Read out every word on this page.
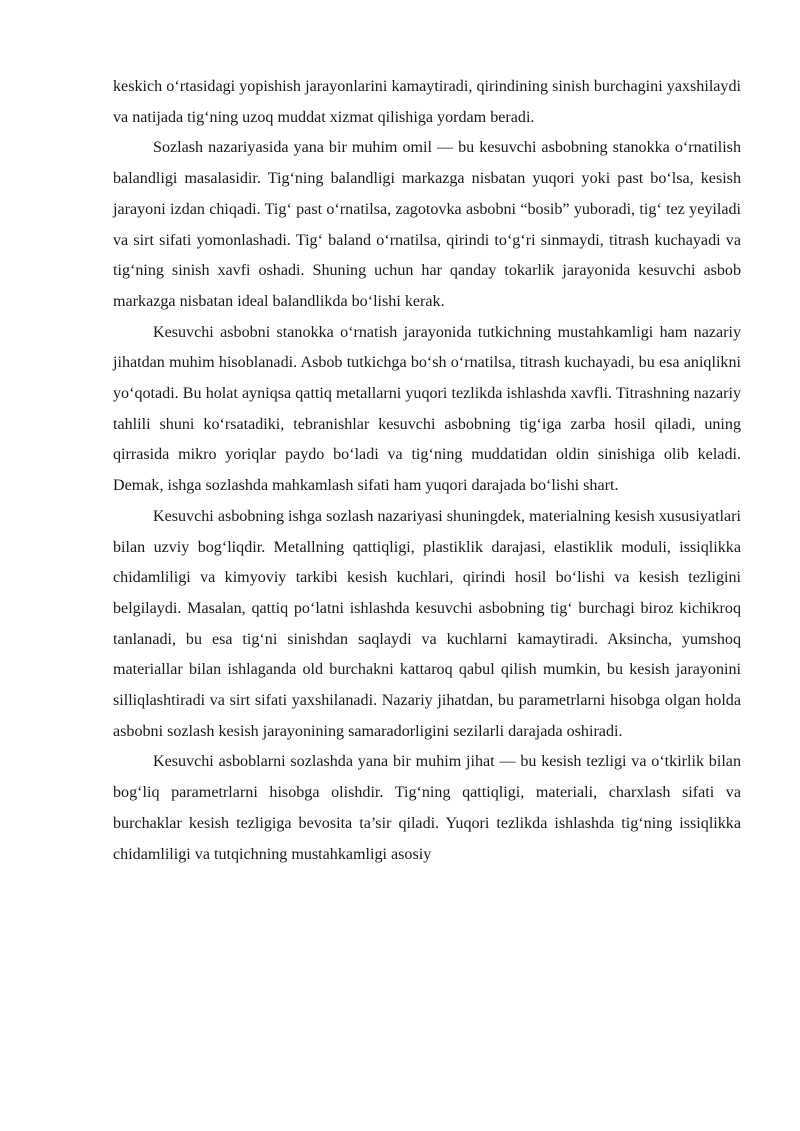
keskich o‘rtasidagi yopishish jarayonlarini kamaytiradi, qirindining sinish burchagini yaxshilaydi va natijada tig‘ning uzoq muddat xizmat qilishiga yordam beradi.

Sozlash nazariyasida yana bir muhim omil — bu kesuvchi asbobning stanokka o‘rnatilish balandligi masalasidir. Tig‘ning balandligi markazga nisbatan yuqori yoki past bo‘lsa, kesish jarayoni izdan chiqadi. Tig‘ past o‘rnatilsa, zagotovka asbobni “bosib” yuboradi, tig‘ tez yeyiladi va sirt sifati yomonlashadi. Tig‘ baland o‘rnatilsa, qirindi to‘g‘ri sinmaydi, titrash kuchayadi va tig‘ning sinish xavfi oshadi. Shuning uchun har qanday tokarlik jarayonida kesuvchi asbob markazga nisbatan ideal balandlikda bo‘lishi kerak.

Kesuvchi asbobni stanokka o‘rnatish jarayonida tutkichning mustahkamligi ham nazariy jihatdan muhim hisoblanadi. Asbob tutkichga bo‘sh o‘rnatilsa, titrash kuchayadi, bu esa aniqlikni yo‘qotadi. Bu holat ayniqsa qattiq metallarni yuqori tezlikda ishlashda xavfli. Titrashning nazariy tahlili shuni ko‘rsatadiki, tebranishlar kesuvchi asbobning tig‘iga zarba hosil qiladi, uning qirrasida mikro yoriqlar paydo bo‘ladi va tig‘ning muddatidan oldin sinishiga olib keladi. Demak, ishga sozlashda mahkamlash sifati ham yuqori darajada bo‘lishi shart.

Kesuvchi asbobning ishga sozlash nazariyasi shuningdek, materialning kesish xususiyatlari bilan uzviy bog‘liqdir. Metallning qattiqligi, plastiklik darajasi, elastiklik moduli, issiqlikka chidamliligi va kimyoviy tarkibi kesish kuchlari, qirindi hosil bo‘lishi va kesish tezligini belgilaydi. Masalan, qattiq po‘latni ishlashda kesuvchi asbobning tig‘ burchagi biroz kichikroq tanlanadi, bu esa tig‘ni sinishdan saqlaydi va kuchlarni kamaytiradi. Aksincha, yumshoq materiallar bilan ishlaganda old burchakni kattaroq qabul qilish mumkin, bu kesish jarayonini silliqlashtiradi va sirt sifati yaxshilanadi. Nazariy jihatdan, bu parametrlarni hisobga olgan holda asbobni sozlash kesish jarayonining samaradorligini sezilarli darajada oshiradi.

Kesuvchi asboblarni sozlashda yana bir muhim jihat — bu kesish tezligi va o‘tkirlik bilan bog‘liq parametrlarni hisobga olishdir. Tig‘ning qattiqligi, materiali, charxlash sifati va burchaklar kesish tezligiga bevosita ta’sir qiladi. Yuqori tezlikda ishlashda tig‘ning issiqlikka chidamliligi va tutqichning mustahkamligi asosiy
